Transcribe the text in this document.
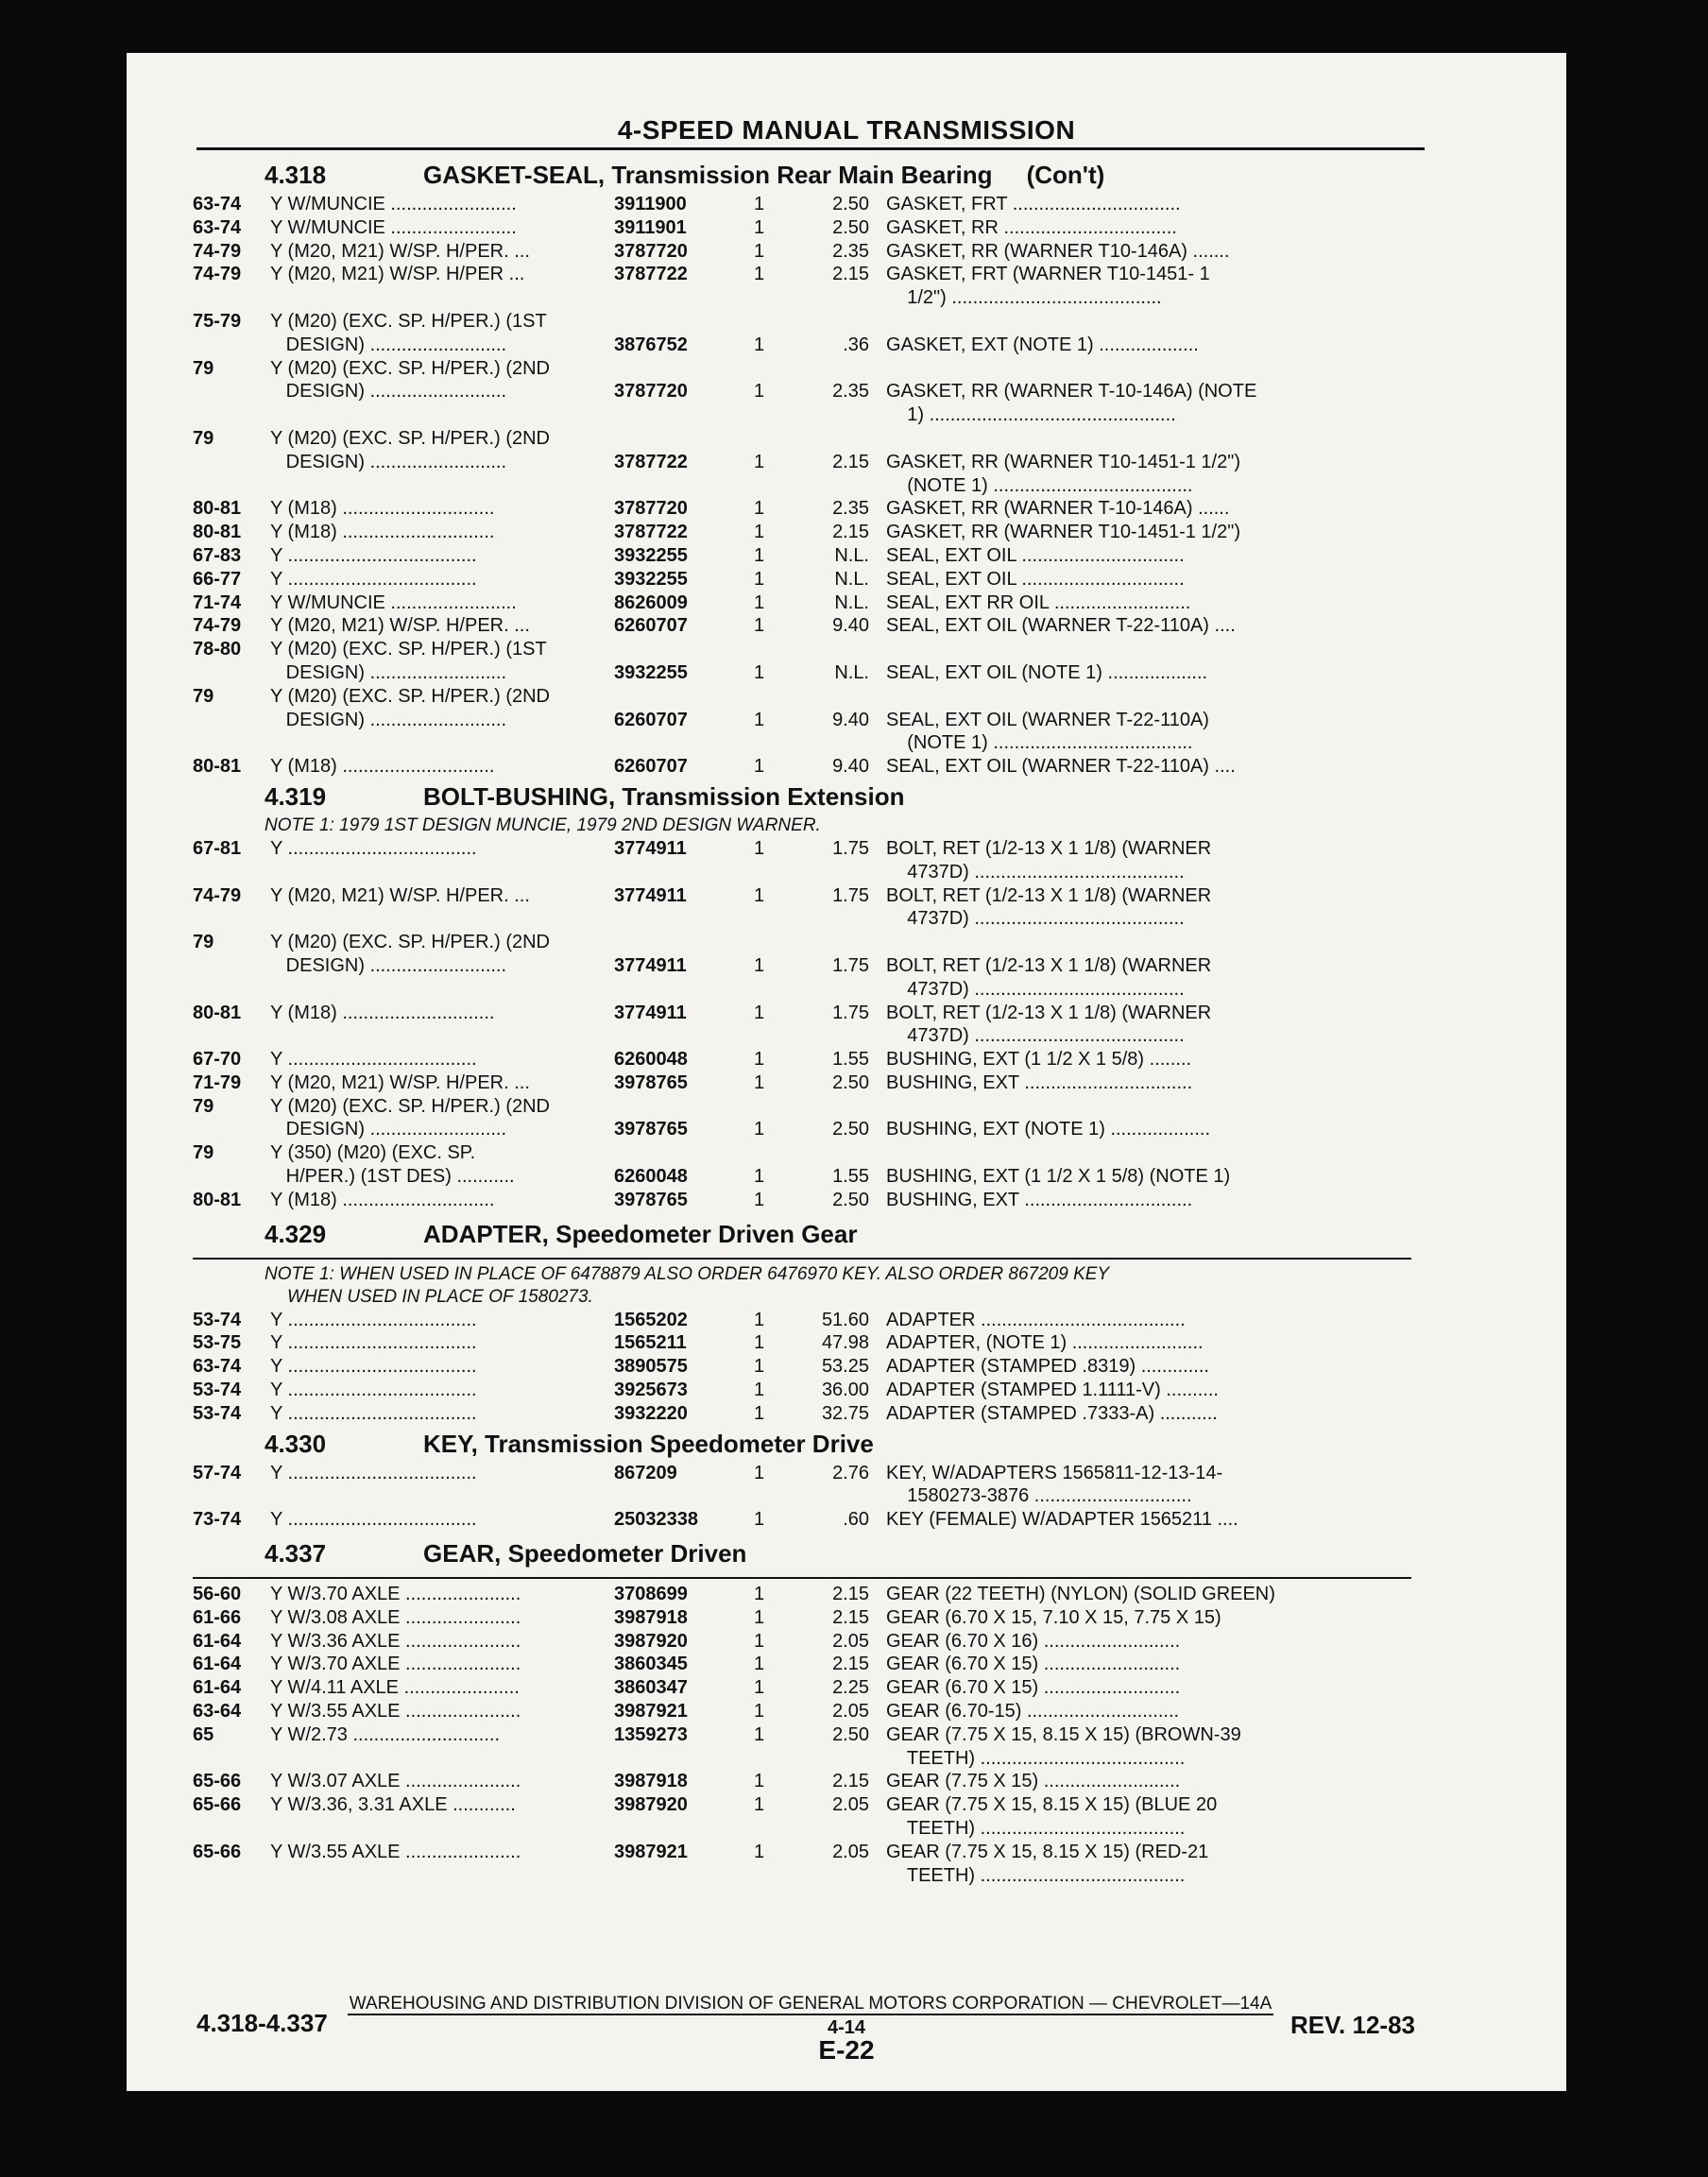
4-SPEED MANUAL TRANSMISSION
4.318	GASKET-SEAL, Transmission Rear Main Bearing     (Con't)
63-74	Y W/MUNCIE ........................	3911900	1	2.50 GASKET, FRT ................................
63-74	Y W/MUNCIE ........................	3911901	1	2.50 GASKET, RR .................................
74-79	Y (M20, M21) W/SP. H/PER. ...	3787720	1	2.35 GASKET, RR (WARNER T10-146A) .......
74-79	Y (M20, M21) W/SP. H/PER ...	3787722	1	2.15 GASKET, FRT (WARNER T10-1451- 1
1/2") ........................................
75-79	Y (M20) (EXC. SP. H/PER.) (1ST
DESIGN) ..........................	3876752	1	.36 GASKET, EXT (NOTE 1) ...................
79	Y (M20) (EXC. SP. H/PER.) (2ND
DESIGN) ..........................	3787720	1	2.35 GASKET, RR (WARNER T-10-146A) (NOTE
1) ...............................................
79	Y (M20) (EXC. SP. H/PER.) (2ND
DESIGN) ..........................	3787722	1	2.15 GASKET, RR (WARNER T10-1451-1 1/2")
(NOTE 1) ......................................
80-81	Y (M18) .............................	3787720	1	2.35 GASKET, RR (WARNER T-10-146A) ......
80-81	Y (M18) .............................	3787722	1	2.15 GASKET, RR (WARNER T10-1451-1 1/2")
67-83	Y ....................................	3932255	1	N.L. SEAL, EXT OIL ...............................
66-77	Y ....................................	3932255	1	N.L. SEAL, EXT OIL ...............................
71-74	Y W/MUNCIE ........................	8626009	1	N.L. SEAL, EXT RR OIL ..........................
74-79	Y (M20, M21) W/SP. H/PER. ...	6260707	1	9.40 SEAL, EXT OIL (WARNER T-22-110A) ....
78-80	Y (M20) (EXC. SP. H/PER.) (1ST
DESIGN) ..........................	3932255	1	N.L. SEAL, EXT OIL (NOTE 1) ...................
79	Y (M20) (EXC. SP. H/PER.) (2ND
DESIGN) ..........................	6260707	1	9.40 SEAL, EXT OIL (WARNER T-22-110A)
(NOTE 1) ......................................
80-81	Y (M18) .............................	6260707	1	9.40 SEAL, EXT OIL (WARNER T-22-110A) ....
4.319	BOLT-BUSHING, Transmission Extension
NOTE 1: 1979 1ST DESIGN MUNCIE, 1979 2ND DESIGN WARNER.
67-81	Y ....................................	3774911	1	1.75 BOLT, RET (1/2-13 X 1 1/8) (WARNER
4737D) ........................................
74-79	Y (M20, M21) W/SP. H/PER. ...	3774911	1	1.75 BOLT, RET (1/2-13 X 1 1/8) (WARNER
4737D) ........................................
79	Y (M20) (EXC. SP. H/PER.) (2ND
DESIGN) ..........................	3774911	1	1.75 BOLT, RET (1/2-13 X 1 1/8) (WARNER
4737D) ........................................
80-81	Y (M18) .............................	3774911	1	1.75 BOLT, RET (1/2-13 X 1 1/8) (WARNER
4737D) ........................................
67-70	Y ....................................	6260048	1	1.55 BUSHING, EXT (1 1/2 X 1 5/8) ........
71-79	Y (M20, M21) W/SP. H/PER. ...	3978765	1	2.50 BUSHING, EXT ................................
79	Y (M20) (EXC. SP. H/PER.) (2ND
DESIGN) ..........................	3978765	1	2.50 BUSHING, EXT (NOTE 1) ...................
79	Y (350) (M20) (EXC. SP.
H/PER.) (1ST DES) ...........	6260048	1	1.55 BUSHING, EXT (1 1/2 X 1 5/8) (NOTE 1)
80-81	Y (M18) .............................	3978765	1	2.50 BUSHING, EXT ................................
4.329	ADAPTER, Speedometer Driven Gear
NOTE 1: WHEN USED IN PLACE OF 6478879 ALSO ORDER 6476970 KEY. ALSO ORDER 867209 KEY
WHEN USED IN PLACE OF 1580273.
53-74	Y ....................................	1565202	1	51.60 ADAPTER .......................................
53-75	Y ....................................	1565211	1	47.98 ADAPTER, (NOTE 1) .........................
63-74	Y ....................................	3890575	1	53.25 ADAPTER (STAMPED .8319) .............
53-74	Y ....................................	3925673	1	36.00 ADAPTER (STAMPED 1.1111-V) ..........
53-74	Y ....................................	3932220	1	32.75 ADAPTER (STAMPED .7333-A) ...........
4.330	KEY, Transmission Speedometer Drive
57-74	Y ....................................	867209	1	2.76 KEY, W/ADAPTERS 1565811-12-13-14-
1580273-3876 ..............................
73-74	Y ....................................	25032338	1	.60 KEY (FEMALE) W/ADAPTER 1565211 ....
4.337	GEAR, Speedometer Driven
56-60	Y W/3.70 AXLE ......................	3708699	1	2.15 GEAR (22 TEETH) (NYLON) (SOLID GREEN)
61-66	Y W/3.08 AXLE ......................	3987918	1	2.15 GEAR (6.70 X 15, 7.10 X 15, 7.75 X 15)
61-64	Y W/3.36 AXLE ......................	3987920	1	2.05 GEAR (6.70 X 16) ..........................
61-64	Y W/3.70 AXLE ......................	3860345	1	2.15 GEAR (6.70 X 15) ..........................
61-64	Y W/4.11 AXLE ......................	3860347	1	2.25 GEAR (6.70 X 15) ..........................
63-64	Y W/3.55 AXLE ......................	3987921	1	2.05 GEAR (6.70-15) .............................
65	Y W/2.73 ............................	1359273	1	2.50 GEAR (7.75 X 15, 8.15 X 15) (BROWN-39
TEETH) .......................................
65-66	Y W/3.07 AXLE ......................	3987918	1	2.15 GEAR (7.75 X 15) ..........................
65-66	Y W/3.36, 3.31 AXLE ............	3987920	1	2.05 GEAR (7.75 X 15, 8.15 X 15) (BLUE 20
TEETH) .......................................
65-66	Y W/3.55 AXLE ......................	3987921	1	2.05 GEAR (7.75 X 15, 8.15 X 15) (RED-21
TEETH) .......................................
WAREHOUSING AND DISTRIBUTION DIVISION OF GENERAL MOTORS CORPORATION — CHEVROLET—14A
4.318-4.337	4-14
E-22
REV. 12-83
